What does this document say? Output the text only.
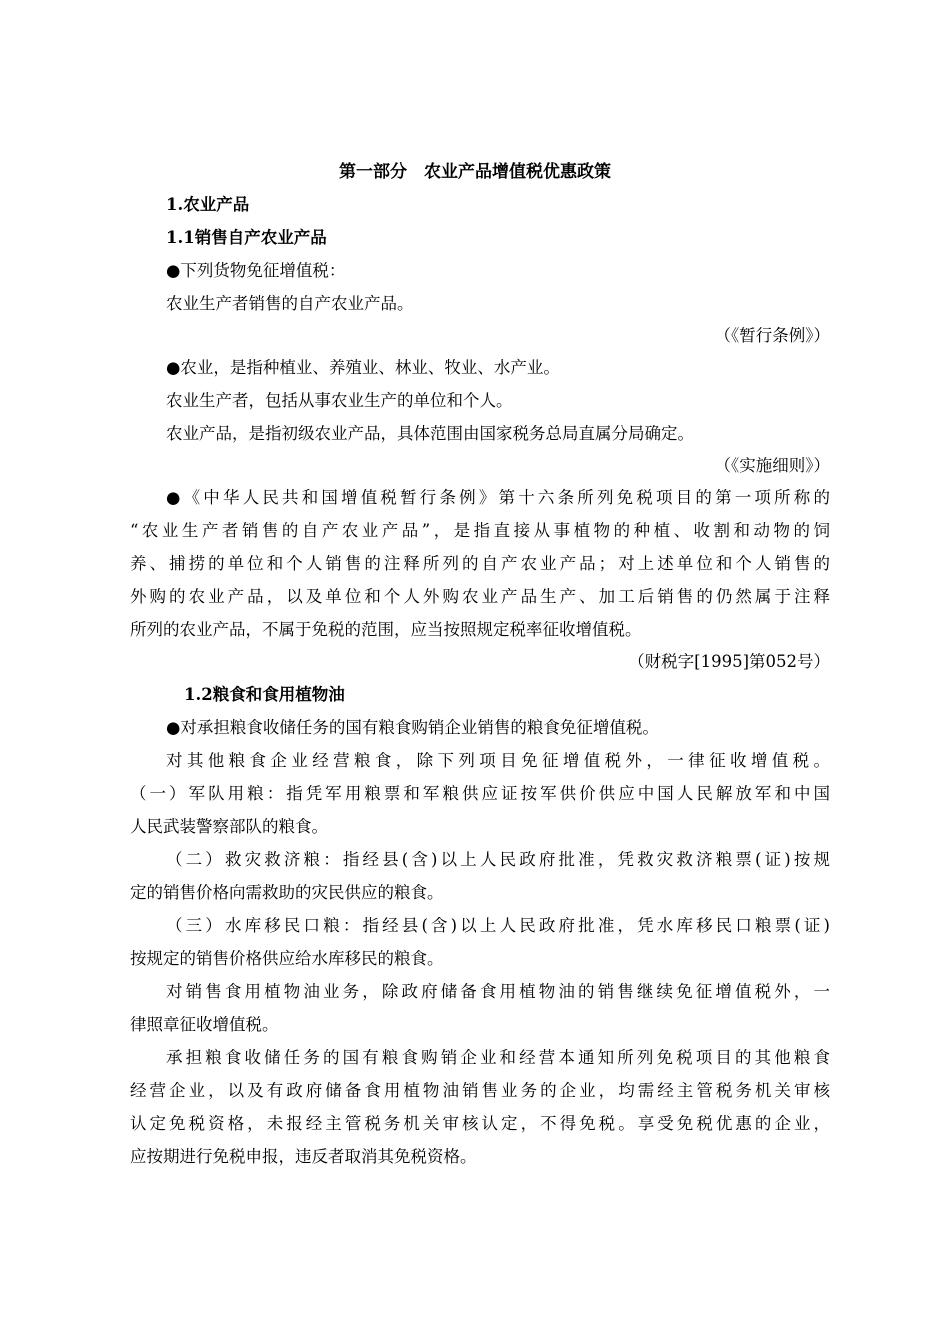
第一部分　农业产品增值税优惠政策
1.农业产品
1.1销售自产农业产品
●下列货物免征增值税：
农业生产者销售的自产农业产品。
（《暂行条例》）
●农业，是指种植业、养殖业、林业、牧业、水产业。
农业生产者，包括从事农业生产的单位和个人。
农业产品，是指初级农业产品，具体范围由国家税务总局直属分局确定。
（《实施细则》）
●《中华人民共和国增值税暂行条例》第十六条所列免税项目的第一项所称的
“农业生产者销售的自产农业产品”，是指直接从事植物的种植、收割和动物的饲
养、捕捞的单位和个人销售的注释所列的自产农业产品；对上述单位和个人销售的
外购的农业产品，以及单位和个人外购农业产品生产、加工后销售的仍然属于注释
所列的农业产品，不属于免税的范围，应当按照规定税率征收增值税。
（财税字[1995]第052号）
1.2粮食和食用植物油
●对承担粮食收储任务的国有粮食购销企业销售的粮食免征增值税。
对其他粮食企业经营粮食，除下列项目免征增值税外，一律征收增值税。
（一）军队用粮：指凭军用粮票和军粮供应证按军供价供应中国人民解放军和中国
人民武装警察部队的粮食。
（二）救灾救济粮：指经县(含)以上人民政府批准，凭救灾救济粮票(证)按规
定的销售价格向需救助的灾民供应的粮食。
（三）水库移民口粮：指经县(含)以上人民政府批准，凭水库移民口粮票(证)
按规定的销售价格供应给水库移民的粮食。
对销售食用植物油业务，除政府储备食用植物油的销售继续免征增值税外，一
律照章征收增值税。
承担粮食收储任务的国有粮食购销企业和经营本通知所列免税项目的其他粮食
经营企业，以及有政府储备食用植物油销售业务的企业，均需经主管税务机关审核
认定免税资格，未报经主管税务机关审核认定，不得免税。享受免税优惠的企业，
应按期进行免税申报，违反者取消其免税资格。
